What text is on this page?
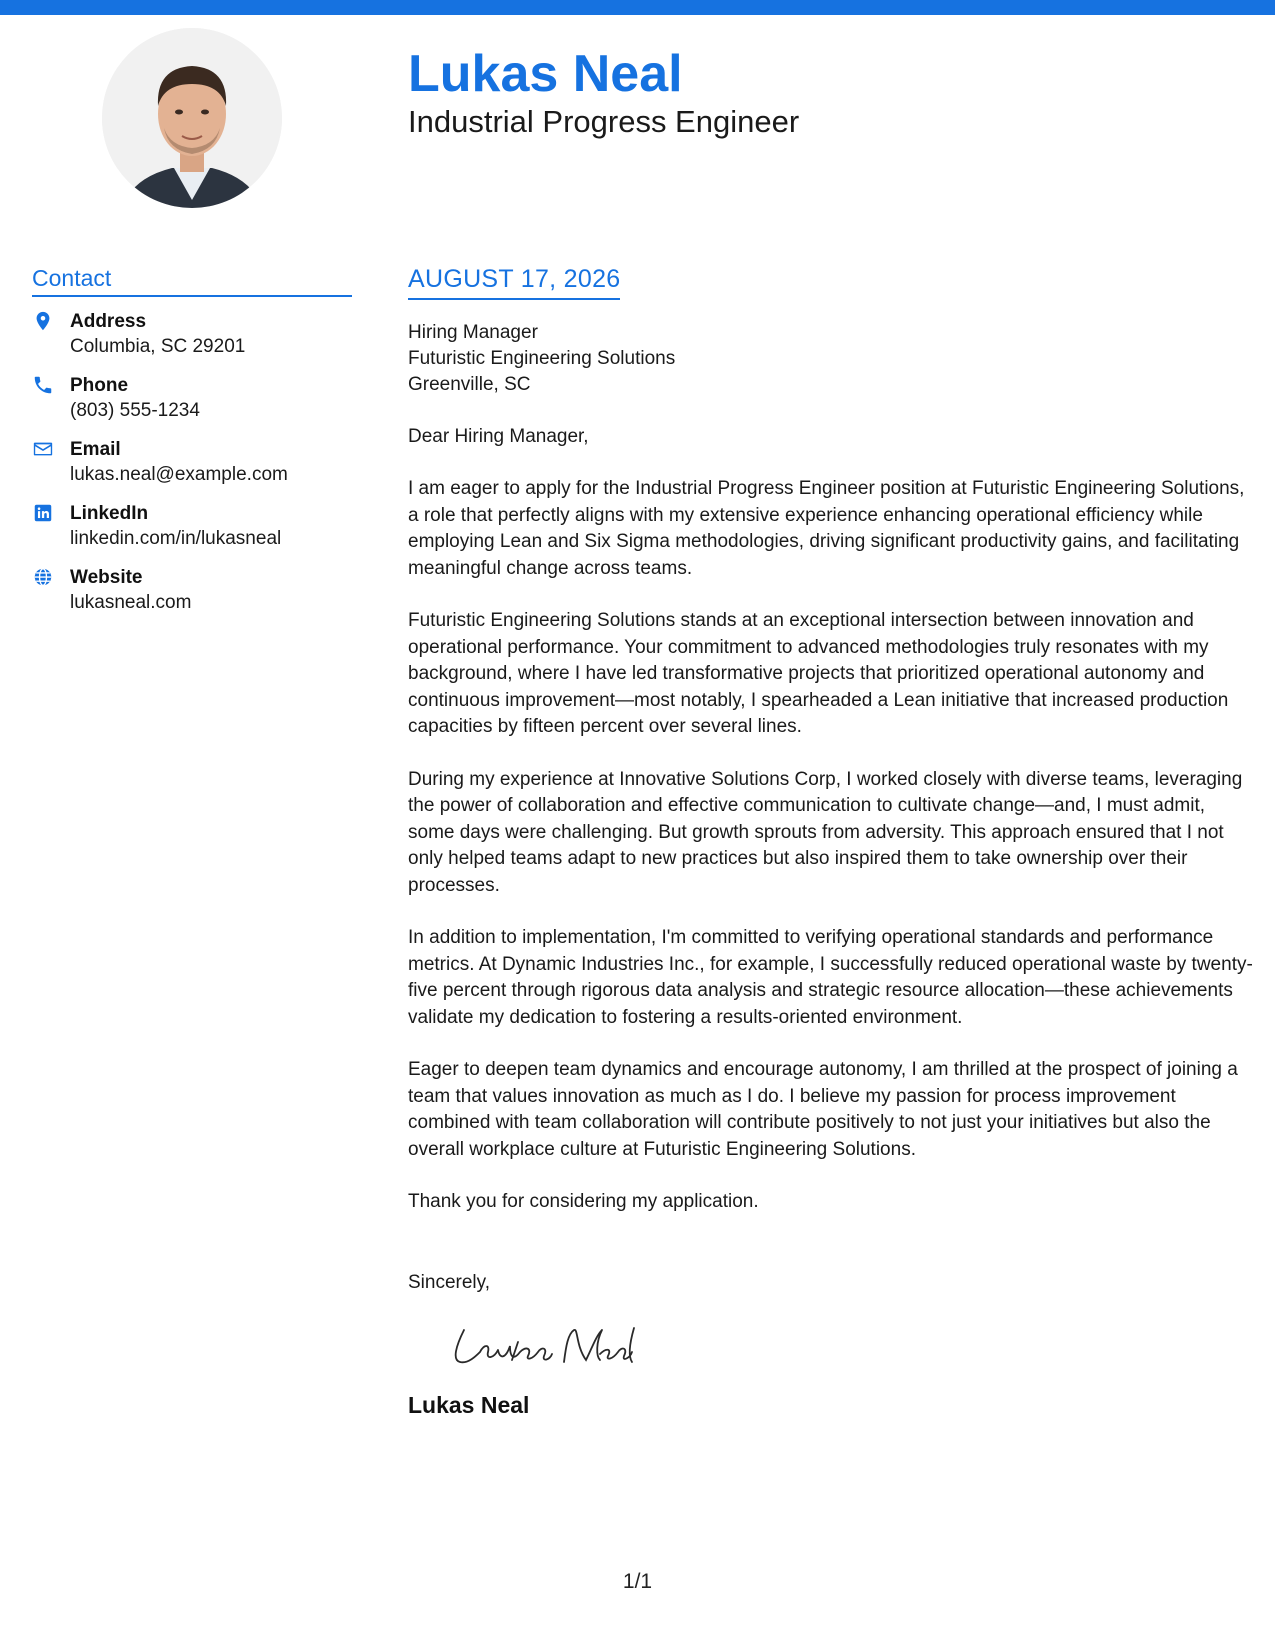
Lukas Neal
Industrial Progress Engineer
Contact
Address
Columbia, SC 29201
Phone
(803) 555-1234
Email
lukas.neal@example.com
LinkedIn
linkedin.com/in/lukasneal
Website
lukasneal.com
AUGUST 17, 2026
Hiring Manager
Futuristic Engineering Solutions
Greenville, SC
Dear Hiring Manager,
I am eager to apply for the Industrial Progress Engineer position at Futuristic Engineering Solutions, a role that perfectly aligns with my extensive experience enhancing operational efficiency while employing Lean and Six Sigma methodologies, driving significant productivity gains, and facilitating meaningful change across teams.
Futuristic Engineering Solutions stands at an exceptional intersection between innovation and operational performance. Your commitment to advanced methodologies truly resonates with my background, where I have led transformative projects that prioritized operational autonomy and continuous improvement—most notably, I spearheaded a Lean initiative that increased production capacities by fifteen percent over several lines.
During my experience at Innovative Solutions Corp, I worked closely with diverse teams, leveraging the power of collaboration and effective communication to cultivate change—and, I must admit, some days were challenging. But growth sprouts from adversity. This approach ensured that I not only helped teams adapt to new practices but also inspired them to take ownership over their processes.
In addition to implementation, I'm committed to verifying operational standards and performance metrics. At Dynamic Industries Inc., for example, I successfully reduced operational waste by twenty-five percent through rigorous data analysis and strategic resource allocation—these achievements validate my dedication to fostering a results-oriented environment.
Eager to deepen team dynamics and encourage autonomy, I am thrilled at the prospect of joining a team that values innovation as much as I do. I believe my passion for process improvement combined with team collaboration will contribute positively to not just your initiatives but also the overall workplace culture at Futuristic Engineering Solutions.
Thank you for considering my application.
Sincerely,
Lukas Neal
1/1
